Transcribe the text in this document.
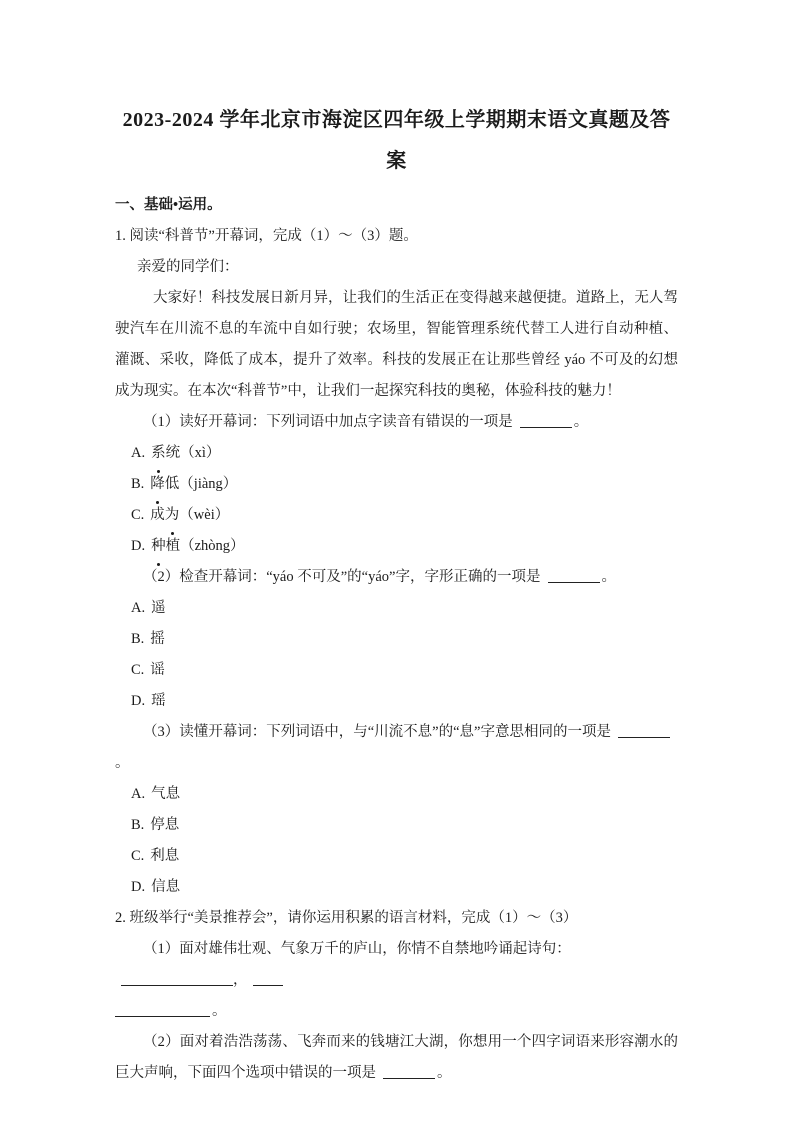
2023-2024 学年北京市海淀区四年级上学期期末语文真题及答案
一、基础•运用。
1. 阅读“科普节”开幕词，完成（1）～（3）题。
亲爱的同学们：
大家好！科技发展日新月异，让我们的生活正在变得越来越便捷。道路上，无人驾驶汽车在川流不息的车流中自如行驶；农场里，智能管理系统代替工人进行自动种植、灌溉、采收，降低了成本，提升了效率。科技的发展正在让那些曾经 yáo 不可及的幻想成为现实。在本次“科普节”中，让我们一起探究科技的奥秘，体验科技的魅力！
（1）读好开幕词：下列词语中加点字读音有错误的一项是	。
A. 系统（xì）
B. 降低（jiàng）
C. 成为（wèi）
D. 种植（zhòng）
（2）检查开幕词：“yáo 不可及”的“yáo”字，字形正确的一项是	。
A. 遥
B. 摇
C. 谣
D. 瑶
（3）读懂开幕词：下列词语中，与“川流不息”的“息”字意思相同的一项是。
A. 气息
B. 停息
C. 利息
D. 信息
2. 班级举行“美景推荐会”，请你运用积累的语言材料，完成（1）～（3）
（1）面对雄伟壮观、气象万千的庐山，你情不自禁地吟诵起诗句：，
。
（2）面对着浩浩荡荡、飞奔而来的钱塘江大湖，你想用一个四字词语来形容潮水的巨大声响，下面四个选项中错误的一项是	。
